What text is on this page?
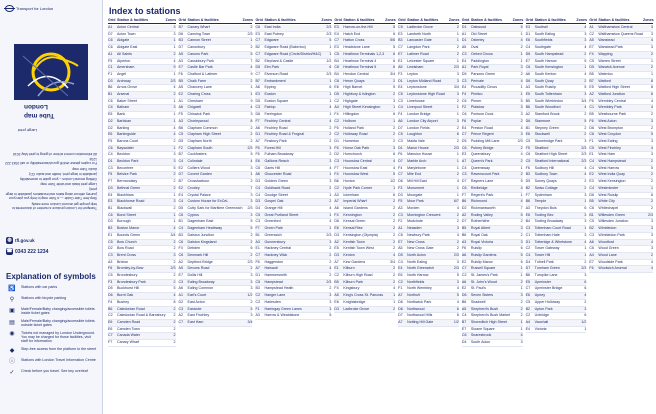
Transport for London
Tube map
London
Large print

Transport for London produce a number of documents to help people get around London more easily.

Step-free Tube Guide — a Tube map to help you plan your journey without using stairs and escalators (available in large print)

Large print black and white Tube map

Getting around London – your guide to accessibility (available in large print, braille and audio CD)

Audio Tube map

For copies please visit tfl.gov.uk/accessibility or call 0343 222 1234

All information correct at time of going to print May 2016

◍ tfl.gov.uk
☎ 0343 222 1234
Explanation of symbols
♿	Stations with car parks
⚲	Stations with bicycle parking
▣	Male/Female/Baby changing/accessible toilets inside ticket gates
▤	Male/Female/Baby changing/accessible toilets outside ticket gates
◉	Tickets not managed by London Underground. You may be charged for those facilities, visit staff for information
◆	Step-free access from the platform to the street
ⓘ	Stations with London Travel Information Centre
✓	Check before you travel. See key overleaf
Index to stations
Grid Station & facilities	Zones
A1	Acton Central	3
D7	Acton Town	3
C6	Aldgate	1
C6	Aldgate East	1
A1	All Saints	2
F5	Alperton	4
C1	Amersham	9
F1	Angel	1
D3	Archway	2/3
B6	Arnos Grove	4
B1	Arsenal	2
C6	Baker Street	1
C4	Balham	3
E5	Bank	1
D2	Barbican	1
D2	Barking	4
E6	Barkingside	4
F5	Barons Court	2
C6	Bayswater	1
C4	Beckton	3
D1	Beckton Park	3
C3	Becontree	5
F5	Belsize Park	2
F7	Bermondsey	2
D3	Bethnal Green	2
E4	Blackfriars	1
E3	Blackhorse Road	3
B1	Blackwall	2
C6	Bond Street	1
D3	Borough	1
B3	Boston Manor	4
E1	Bounds Green	3/4
C5	Bow Church	2
D2	Bow Road	2
C3	Brent Cross	3
A3	Brixton	2
F6	Bromley-by-Bow	2/3
C5	Brondesbury	2
F3	Brondesbury Park	2
D5	Buckhurst Hill	5
D6	Burnt Oak	4
F4	Bushey	8
B6	Caledonian Road	2
C2	Caledonian Road & Barnsbury	2
E6	Camden Road	2
E6	Camden Town	2
C7	Canada Water	2
F7	Canary Wharf	2
Grid Station & facilities	Zones
B7	Canary Wharf	2
D6	Canning Town	2/3
B3	Cannon Street	1
D7	Canonbury	2
A5	Canons Park	5
A3	Cassiobury Park	7
E7	Castle Bar Park	4
F6	Chalfont & Latimer	9
B5	Chalk Farm	2
A5	Chancery Lane	1
E2	Charing Cross	1
A1	Chesham	9
A6	Chigwell	4
F5	Chiswick Park	3
A3	Chorleywood	8
B6	Clapham Common	2
C5	Clapham High Street	2
D5	Clapham North	2
F2	Clapham South	2/3
B7	Cockfosters	5
C4	Colindale	4
E2	Colliers Wood	3
D7	Covent Garden	1
B7	Crossharbour	2
E2	Croxley	7
E4	Crystal Palace	3
C4	Custom House for ExCeL	3
D5	Cutty Sark for Maritime Greenwich	2/3
C6	Cyprus	3
B1	Dagenham East	5
C4	Dagenham Heathway	5
B3	Dalston Junction	2
C6	Dalston Kingsland	2
F4	Debden	6
C6	Denmark Hill	2
A2	Deptford Bridge	2/3
A5	Devons Road	2
E7	Dollis Hill	3
C3	Ealing Broadway	3
A6	Ealing Common	3
A1	Earl's Court	1/2
D2	East Acton	2
C3	Eastcote	5
A2	East Finchley	3
C7	East Ham	3/4
Grid Station & facilities	Zones
C6	East India	2/3
E3	East Putney	2/3
C7	Edgware	5
B2	Edgware Road (Bakerloo)	1
C7	Edgware Road (Circle/District/H&C)	1
B2	Elephant & Castle	1/2
D5	Elm Park	6
C7	Elverson Road	2/3
B7	Embankment	1
A6	Epping	6
E3	Euston	1
D5	Euston Square	1
C3	Fairlop	4
D6	Farringdon	1
F7	Finchley Central	4
A6	Finchley Road	2
D1	Finchley Road & Frognal	2
A7	Finsbury Park	2
F6	Forest Hill	3
F6	Fulham Broadway	2
E6	Gallions Reach	3
C6	Gants Hill	4
A6	Gloucester Road	1
D3	Golders Green	3
C4	Goldhawk Road	2
C4	Goodge Street	1
D3	Gospel Oak	2
D4	Grange Hill	4
C5	Great Portland Street	1
C3	Greenford	4
F7	Green Park	1
B1	Greenwich	2/3
A3	Gunnersbury	3
E1	Hackney Central	2
C7	Hackney Wick	2
F6	Haggerston	2
A7	Hainault	4
D1	Hammersmith	2
C5	Hampstead	2/3
B3	Hampstead Heath	2
C2	Hanger Lane	3
C2	Harlesden	3
F1	Harringay Green Lanes	3
A3	Harrow & Wealdstone	5
Grid Station & facilities	Zones
E3	Harrow-on-the-Hill	5
E4	Hatch End	6
C7	Hatton Cross	5/6
E3	Headstone Lane	5
C5	Heathrow Terminals 1,2,3	6
B4	Heathrow Terminal 4	6
C6	Heathrow Terminal 5	6
B4	Hendon Central	3/4
C6	Heron Quays	2
E6	High Barnet	5
D5	Highbury & Islington	2
C2	Highgate	3
A4	High Street Kensington	1
F4	Hillingdon	6
C2	Holborn	1
F6	Holland Park	2
C2	Holloway Road	2
D1	Homerton	2
F6	Honor Oak Park	3
D2	Hornchurch	6
C3	Hounslow Central	4
F7	Hounslow East	4
F4	Hounslow West	5
B6	Hoxton	1/2
C2	Hyde Park Corner	1
A3	Ickenham	6
A7	Imperial Wharf	2
A6	Island Gardens	2
F4	Kennington	2
D6	Kensal Green	2
E6	Kensal Rise	2
D3	Kensington (Olympia)	2
A2	Kentish Town	2
E5	Kentish Town West	2
D3	Kenton	4
A7	Kew Gardens	3/4
E1	Kilburn	2
C2	Kilburn High Road	2
B5	Kilburn Park	2
F4	Kingsbury	4
A5	King's Cross St. Pancras	1
E6	Knightsbridge	1
D3	Ladbroke Grove	2
Grid Station & facilities	Zones
C5	Ladbroke Grove	2
E3	Lambeth North	1
B3	Lancaster Gate	1
C7	Langdon Park	2
E7	Latimer Road	2
E1	Leicester Square	1
A5	Lewisham	2/3
F3	Leyton	3
D1	Leyton Midland Road	3
E4	Leytonstone	3/4
C5	Leytonstone High Road	3
C3	Limehouse	2
C4	Liverpool Street	1
F4	London Bridge	1
A6	London City Airport	3
D7	London Fields	2
C5	Loughton	6
C3	Maida Vale	2
D1	Manor House	2/3
F6	Mansion House	1
D7	Marble Arch	1
F4	Marylebone	1
C7	Mile End	2
D6	Mill Hill East	4
F3	Monument	1
D3	Moorgate	1
F5	Moor Park	6/7
A3	Morden	4
C3	Mornington Crescent	2
F2	Mudchute	2
A1	Neasden	3
C6	Newbury Park	4
E7	New Cross	2
A5	New Cross Gate	2
D5	North Acton	2/3
C4	North Ealing	3
E4	North Greenwich	2/3
E6	North Harrow	5
C2	Northfields	3
F1	North Wembley	4
A7	Northolt	5
D6	Northwick Park	4
D6	Northwood	6
D7	Northwood Hills	6
A7	Notting Hill Gate	1/2
Grid Station & facilities	Zones
D1	Oakwood	5
A1	Old Street	1
D1	Osterley	4
A5	Oval	2
C3	Oxford Circus	1
E4	Paddington	1
A1	Park Royal	3
D5	Parsons Green	2
C3	Perivale	4
E4	Piccadilly Circus	1
F4	Pimlico	1
C6	Pinner	5
F2	Plaistow	3
C6	Pontoon Dock	3
F6	Poplar	2
E4	Preston Road	4
C7	Prince Regent	3
D5	Pudding Mill Lane	2/3
C6	Putney Bridge	2
E3	Queensbury	4
A7	Queen's Park	2
C4	Queensway	1
C3	Ravenscourt Park	2
D7	Rayners Lane	5
C6	Redbridge	4
F7	Regent's Park	1
B6	Richmond	4
D2	Rickmansworth	7
A2	Roding Valley	5
D7	Rotherhithe	2
B5	Royal Albert	3
B6	Royal Oak	2
A3	Royal Victoria	3
F6	Ruislip	6
A6	Ruislip Gardens	5
E2	Ruislip Manor	6
C7	Russell Square	1
C2	St. James's Park	1
A6	St. John's Wood	2
E2	St. Paul's	1
D6	Seven Sisters	3
B6	Shadwell	2
A5	Shepherd's Bush	2
C4	Shepherd's Bush Market	2
B7	Shoreditch High Street	1
E7	Sloane Square	1
C6	Snaresbrook	4
D4	South Acton	3
Grid Station & facilities	Zones
E3	Southall	4
D1	South Ealing	3
E6	Southfields	3
C4	Southgate	4
D6	South Hampstead	2
E7	South Harrow	5
C6	South Kensington	1
A6	South Kenton	4
D6	South Quay	2
A3	South Ruislip	5
E5	South Tottenham	3
B5	South Wimbledon	3/4
B6	South Woodford	4
A2	Stamford Brook	2
D6	Stanmore	5
B1	Stepney Green	2
E6	Stockwell	2
C5	Stonebridge Park	3
F5	Stratford	2/3
C6	Stratford High Street	2/3
C5	Stratford International	2/3
F6	Sudbury Hill	4
B3	Sudbury Town	4
D5	Surrey Quays	2
B2	Swiss Cottage	2
F7	Sydenham	3
B6	Temple	1
A3	Theydon Bois	6
E6	Tooting Bec	3
B4	Tooting Broadway	3
C3	Tottenham Court Road	1
C1	Tottenham Hale	3
D1	Totteridge & Whetstone	4
C2	Tower Gateway	1
C4	Tower Hill	1
D4	Tufnell Park	2
D7	Turnham Green	2/3
B6	Turnpike Lane	3
E5	Upminster	6
C7	Upminster Bridge	6
E6	Upney	4
C5	Upper Holloway	2
B2	Upton Park	3
C2	Uxbridge	6
A4	Vauxhall	1/2
E4	Victoria	1
Grid Station & facilities	Zones
A1	Walthamstow Central	3
C2	Walthamstow Queens Road	3
A5	Wanstead	4
E7	Wanstead Park	3
F4	Wapping	2
C5	Warren Street	1
D5	Warwick Avenue	2
B5	Waterloo	1
B7	Watford	8
E5	Watford High Street	8
A2	Watford Junction	8
F6	Wembley Central	4
C1	Wembley Park	4
B5	Westbourne Park	2
F6	West Acton	3
D6	West Brompton	2
C6	West Croydon	5
F1	West Ealing	3
C5	West Finchley	4
E1	West Ham	3
C4	West Hampstead	2
C4	West Harrow	5
E2	West India Quay	2
E3	West Kensington	2
C4	Westminster	1
D6	West Ruislip	6
B5	White City	2
C6	Whitechapel	2
B1	Willesden Green	2/3
C5	Willesden Junction	3
B2	Wimbledon	3
C3	Wimbledon Park	3
A6	Woodford	4
C6	Wood Green	3
A4	Wood Lane	2
E7	Woodside Park	4
F6	Woolwich Arsenal	4
